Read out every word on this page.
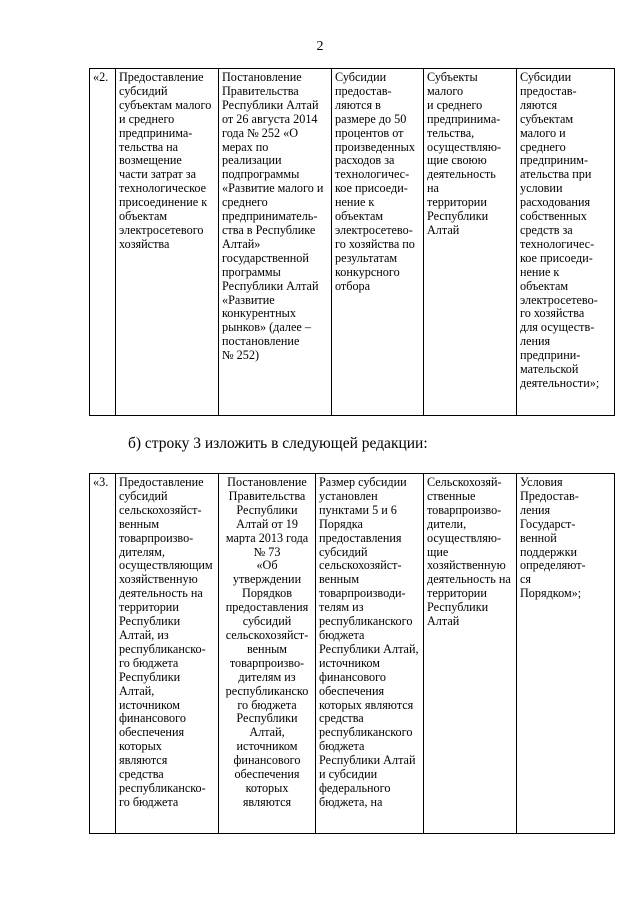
2
«2.	Предоставление
субсидий
субъектам малого
и среднего
предпринима-
тельства на
возмещение
части затрат за
технологическое
присоединение к
объектам
электросетевого
хозяйства

Постановление
Правительства
Республики Алтай
от 26 августа 2014
года № 252 «О
мерах по
реализации
подпрограммы
«Развитие малого и
среднего
предприниматель-
ства в Республике
Алтай»
государственной
программы
Республики Алтай
«Развитие
конкурентных
рынков» (далее –
постановление
№ 252)

Субсидии
предостав-
ляются в
размере до 50
процентов от
произведенных
расходов за
технологичес-
кое присоеди-
нение к
объектам
электросетево-
го хозяйства по
результатам
конкурсного
отбора

Субъекты
малого
и среднего
предпринима-
тельства,
осуществляю-
щие своюю
деятельность
на
территории
Республики
Алтай

Субсидии
предостав-
ляются
субъектам
малого и
среднего
предприним-
ательства при
условии
расходования
собственных
средств за
технологичес-
кое присоеди-
нение к
объектам
электросетево-
го хозяйства
для осуществ-
ления
предприни-
мательской
деятельности»;
б) строку 3 изложить в следующей редакции:
«3.	Предоставление
субсидий
сельскохозяйст-
венным
товарпроизво-
дителям,
осуществляющим
хозяйственную
деятельность на
территории
Республики
Алтай, из
республиканско-
го бюджета
Республики
Алтай,
источником
финансового
обеспечения
которых
являются
средства
республиканско-
го бюджета

Постановление
Правительства
Республики
Алтай от 19
марта 2013 года
№ 73
«Об
утверждении
Порядков
предоставления
субсидий
сельскохозяйст-
венным
товарпроизво-
дителям из
республиканско
го бюджета
Республики
Алтай,
источником
финансового
обеспечения
которых
являются

Размер субсидии
установлен
пунктами 5 и 6
Порядка
предоставления
субсидий
сельскохозяйст-
венным
товарпроизводи-
телям из
республиканского
бюджета
Республики Алтай,
источником
финансового
обеспечения
которых являются
средства
республиканского
бюджета
Республики Алтай
и субсидии
федерального
бюджета, на

Сельскохозяй-
ственные
товарпроизво-
дители,
осуществляю-
щие
хозяйственную
деятельность на
территории
Республики
Алтай

Условия
Предостав-
ления
Государст-
венной
поддержки
определяют-
ся
Порядком»;
